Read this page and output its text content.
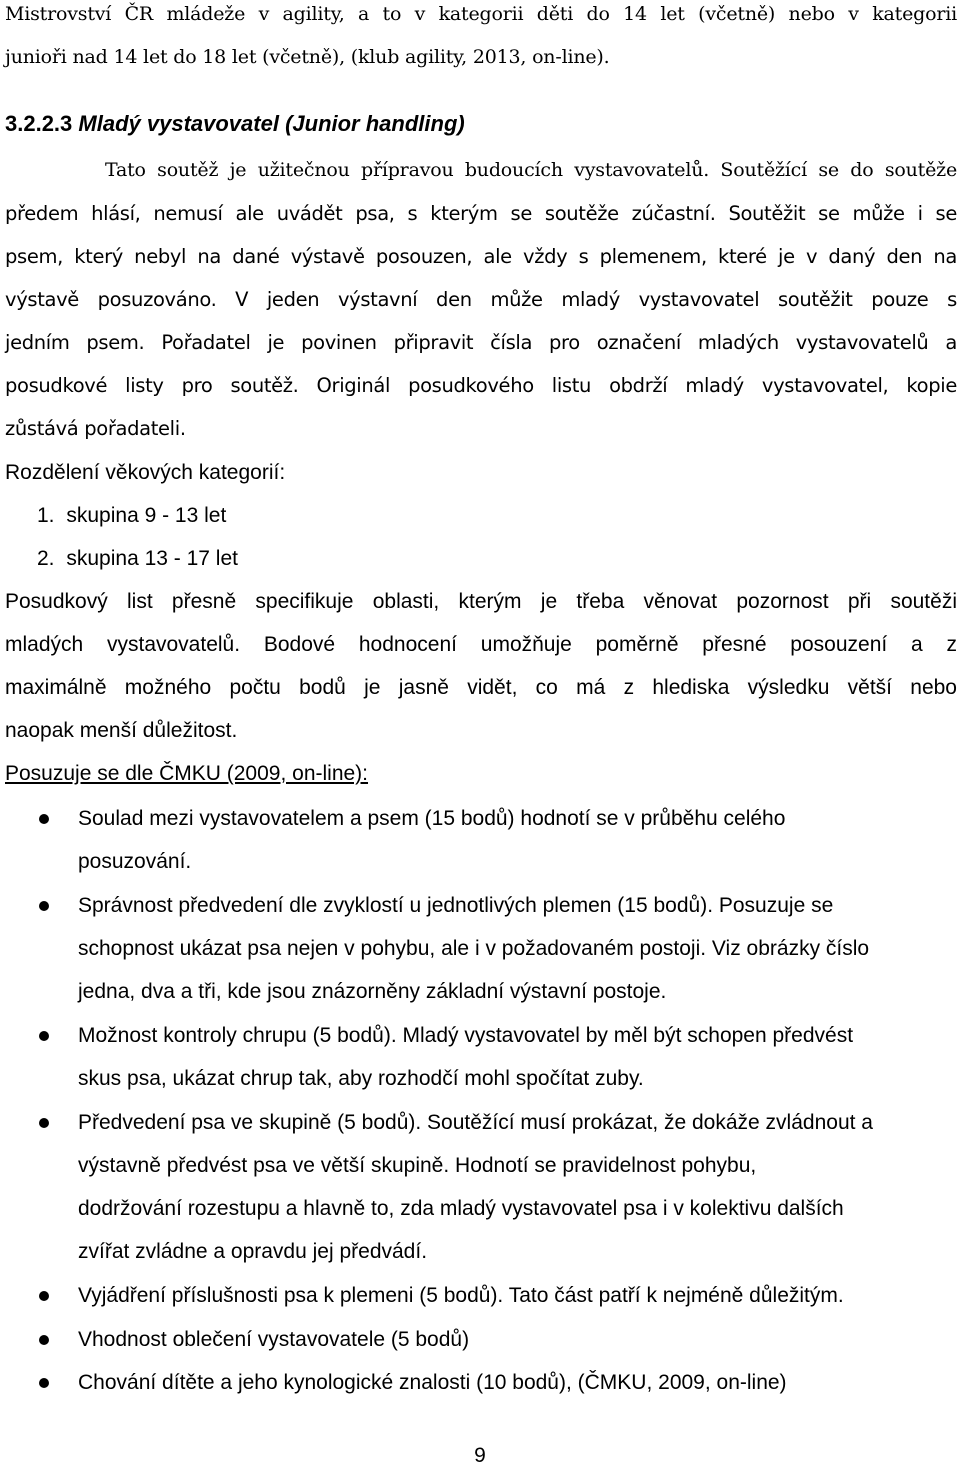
Mistrovství ČR mládeže v agility, a to v kategorii děti do 14 let (včetně) nebo v kategorii

junioři nad 14 let do 18 let (včetně), (klub agility, 2013, on-line).

3.2.2.3 Mladý vystavovatel (Junior handling)

Tato soutěž je užitečnou přípravou budoucích vystavovatelů. Soutěžící se do soutěže

předem hlásí, nemusí ale uvádět psa, s kterým se soutěže zúčastní. Soutěžit se může i se

psem, který nebyl na dané výstavě posouzen, ale vždy s plemenem, které je v daný den na

výstavě posuzováno. V jeden výstavní den může mladý vystavovatel soutěžit pouze s

jedním psem. Pořadatel je povinen připravit čísla pro označení mladých vystavovatelů a

posudkové listy pro soutěž. Originál posudkového listu obdrží mladý vystavovatel, kopie

zůstává pořadateli.

Rozdělení věkových kategorií:

1. skupina 9 - 13 let
2. skupina 13 - 17 let

Posudkový list přesně specifikuje oblasti, kterým je třeba věnovat pozornost při soutěži

mladých vystavovatelů. Bodové hodnocení umožňuje poměrně přesné posouzení a z

maximálně možného počtu bodů je jasně vidět, co má z hlediska výsledku větší nebo

naopak menší důležitost.

Posuzuje se dle ČMKU (2009, on-line):

Soulad mezi vystavovatelem a psem (15 bodů) hodnotí se v průběhu celého

posuzování.

Správnost předvedení dle zvyklostí u jednotlivých plemen (15 bodů). Posuzuje se

schopnost ukázat psa nejen v pohybu, ale i v požadovaném postoji. Viz obrázky číslo

jedna, dva a tři, kde jsou znázorněny základní výstavní postoje.

Možnost kontroly chrupu (5 bodů). Mladý vystavovatel by měl být schopen předvést

skus psa, ukázat chrup tak, aby rozhodčí mohl spočítat zuby.

Předvedení psa ve skupině (5 bodů). Soutěžící musí prokázat, že dokáže zvládnout a

výstavně předvést psa ve větší skupině. Hodnotí se pravidelnost pohybu,

dodržování rozestupu a hlavně to, zda mladý vystavovatel psa i v kolektivu dalších

zvířat zvládne a opravdu jej předvádí.

Vyjádření příslušnosti psa k plemeni (5 bodů). Tato část patří k nejméně důležitým.

Vhodnost oblečení vystavovatele (5 bodů)

Chování dítěte a jeho kynologické znalosti (10 bodů), (ČMKU, 2009, on-line)

9
